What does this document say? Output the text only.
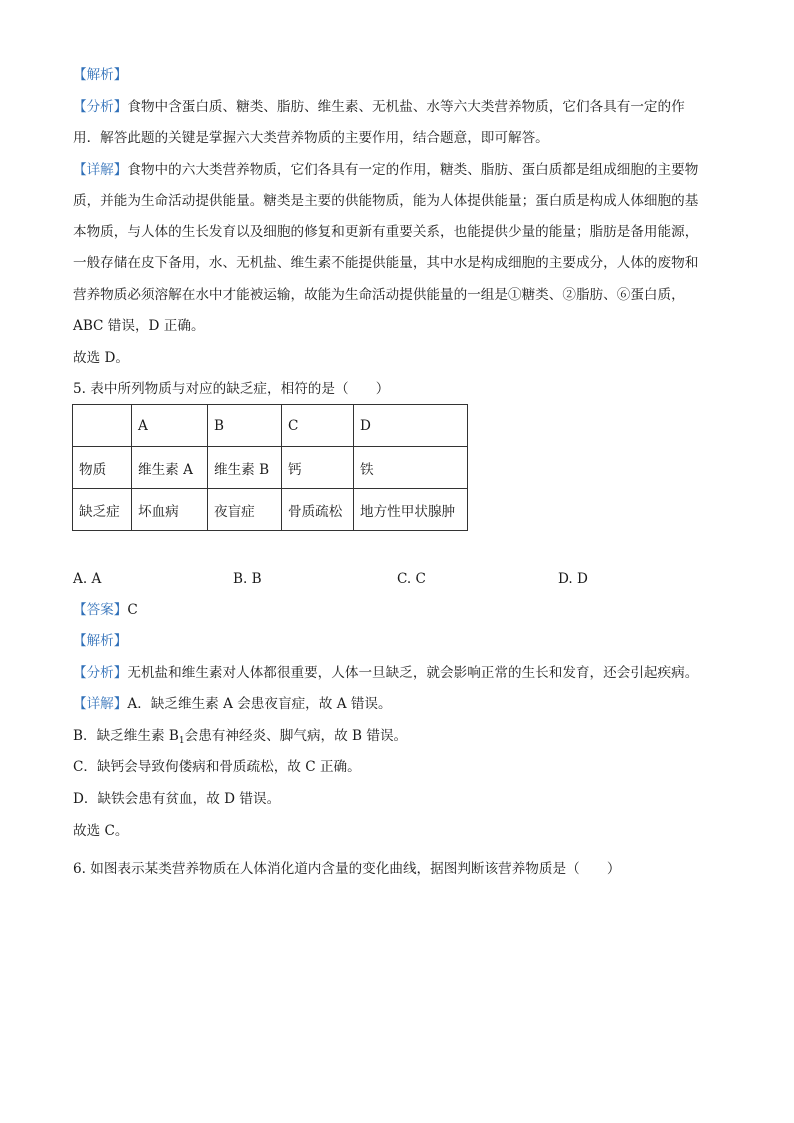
【解析】
【分析】食物中含蛋白质、糖类、脂肪、维生素、无机盐、水等六大类营养物质，它们各具有一定的作
用．解答此题的关键是掌握六大类营养物质的主要作用，结合题意，即可解答。
【详解】食物中的六大类营养物质，它们各具有一定的作用，糖类、脂肪、蛋白质都是组成细胞的主要物
质，并能为生命活动提供能量。糖类是主要的供能物质，能为人体提供能量；蛋白质是构成人体细胞的基
本物质，与人体的生长发育以及细胞的修复和更新有重要关系，也能提供少量的能量；脂肪是备用能源，
一般存储在皮下备用，水、无机盐、维生素不能提供能量，其中水是构成细胞的主要成分，人体的废物和
营养物质必须溶解在水中才能被运输，故能为生命活动提供能量的一组是①糖类、②脂肪、⑥蛋白质，
ABC 错误，D 正确。
故选 D。
5. 表中所列物质与对应的缺乏症，相符的是（　　）
	A	B	C	D
物质	维生素 A	维生素 B	钙	铁
缺乏症	坏血病	夜盲症	骨质疏松	地方性甲状腺肿
A. A	B. B	C. C	D. D
【答案】C
【解析】
【分析】无机盐和维生素对人体都很重要，人体一旦缺乏，就会影响正常的生长和发育，还会引起疾病。
【详解】A．缺乏维生素 A 会患夜盲症，故 A 错误。
B．缺乏维生素 $B_1$会患有神经炎、脚气病，故 B 错误。
C．缺钙会导致佝偻病和骨质疏松，故 C 正确。
D．缺铁会患有贫血，故 D 错误。
故选 C。
6. 如图表示某类营养物质在人体消化道内含量的变化曲线，据图判断该营养物质是（　　）
